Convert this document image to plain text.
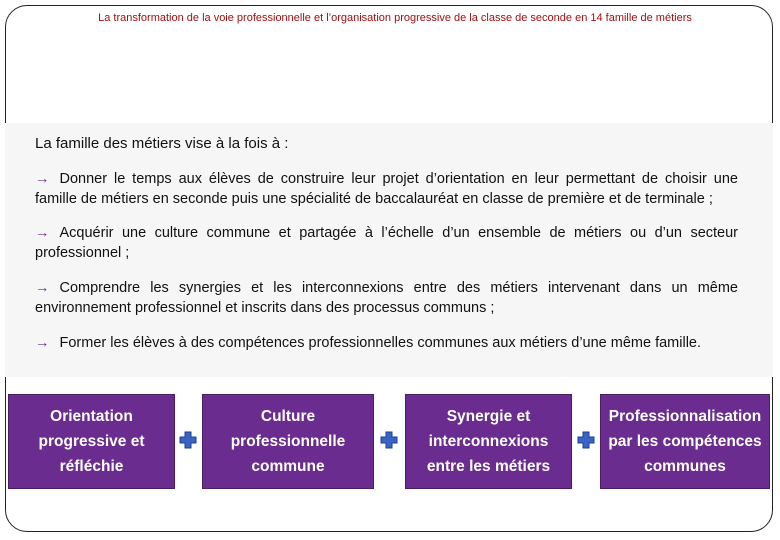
La transformation de la voie professionnelle et l’organisation progressive de la classe de seconde en 14 famille de métiers
La famille des métiers vise à la fois à :
→ Donner le temps aux élèves de construire leur projet d’orientation en leur permettant de choisir une famille de métiers en seconde puis une spécialité de baccalauréat en classe de première et de terminale ;
→ Acquérir une culture commune et partagée à l’échelle d’un ensemble de métiers ou d’un secteur professionnel ;
→ Comprendre les synergies et les interconnexions entre des métiers intervenant dans un même environnement professionnel et inscrits dans des processus communs ;
→ Former les élèves à des compétences professionnelles communes aux métiers d’une même famille.
Orientation progressive et réfléchie
Culture professionnelle commune
Synergie et interconnexions entre les métiers
Professionnalisation par les compétences communes
